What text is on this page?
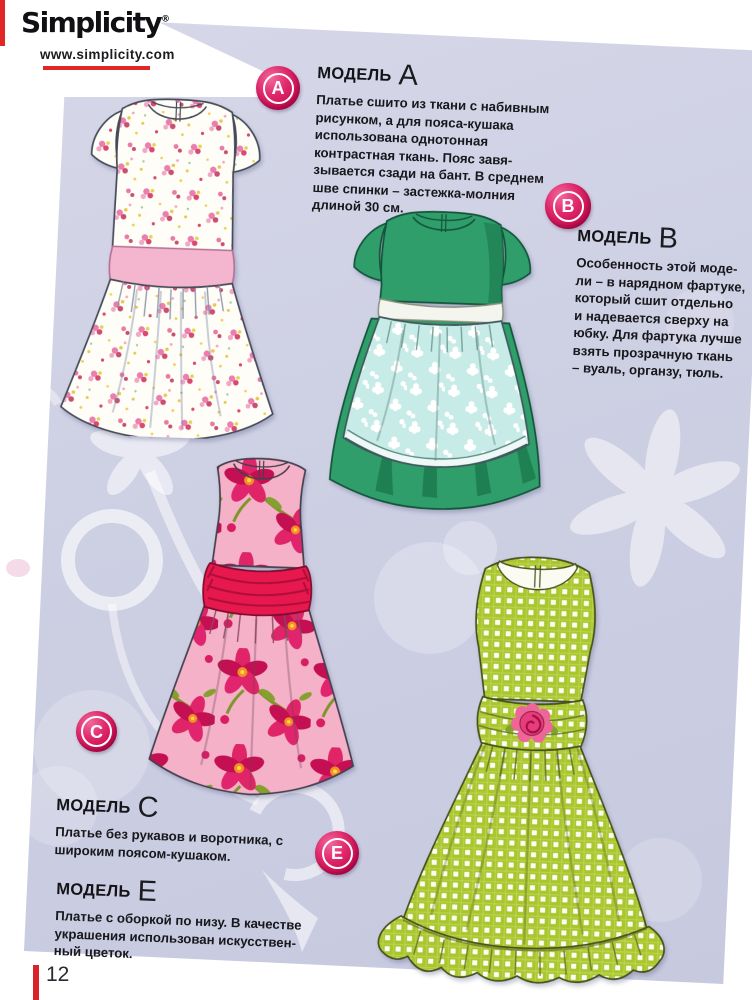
Simplicity®
www.simplicity.com
A
B
C
E
МОДЕЛЬ A
Платье сшито из ткани с набивным рисунком, а для пояса-кушака использована однотонная контрастная ткань. Пояс завязывается сзади на бант. В среднем шве спинки – застежка-молния длиной 30 см.
МОДЕЛЬ B
Особенность этой модели – в нарядном фартуке, который сшит отдельно и надевается сверху на юбку. Для фартука лучше взять прозрачную ткань – вуаль, органзу, тюль.
МОДЕЛЬ C
Платье без рукавов и воротника, с широким поясом-кушаком.
МОДЕЛЬ E
Платье с оборкой по низу. В качестве украшения использован искусственный цветок.
12
